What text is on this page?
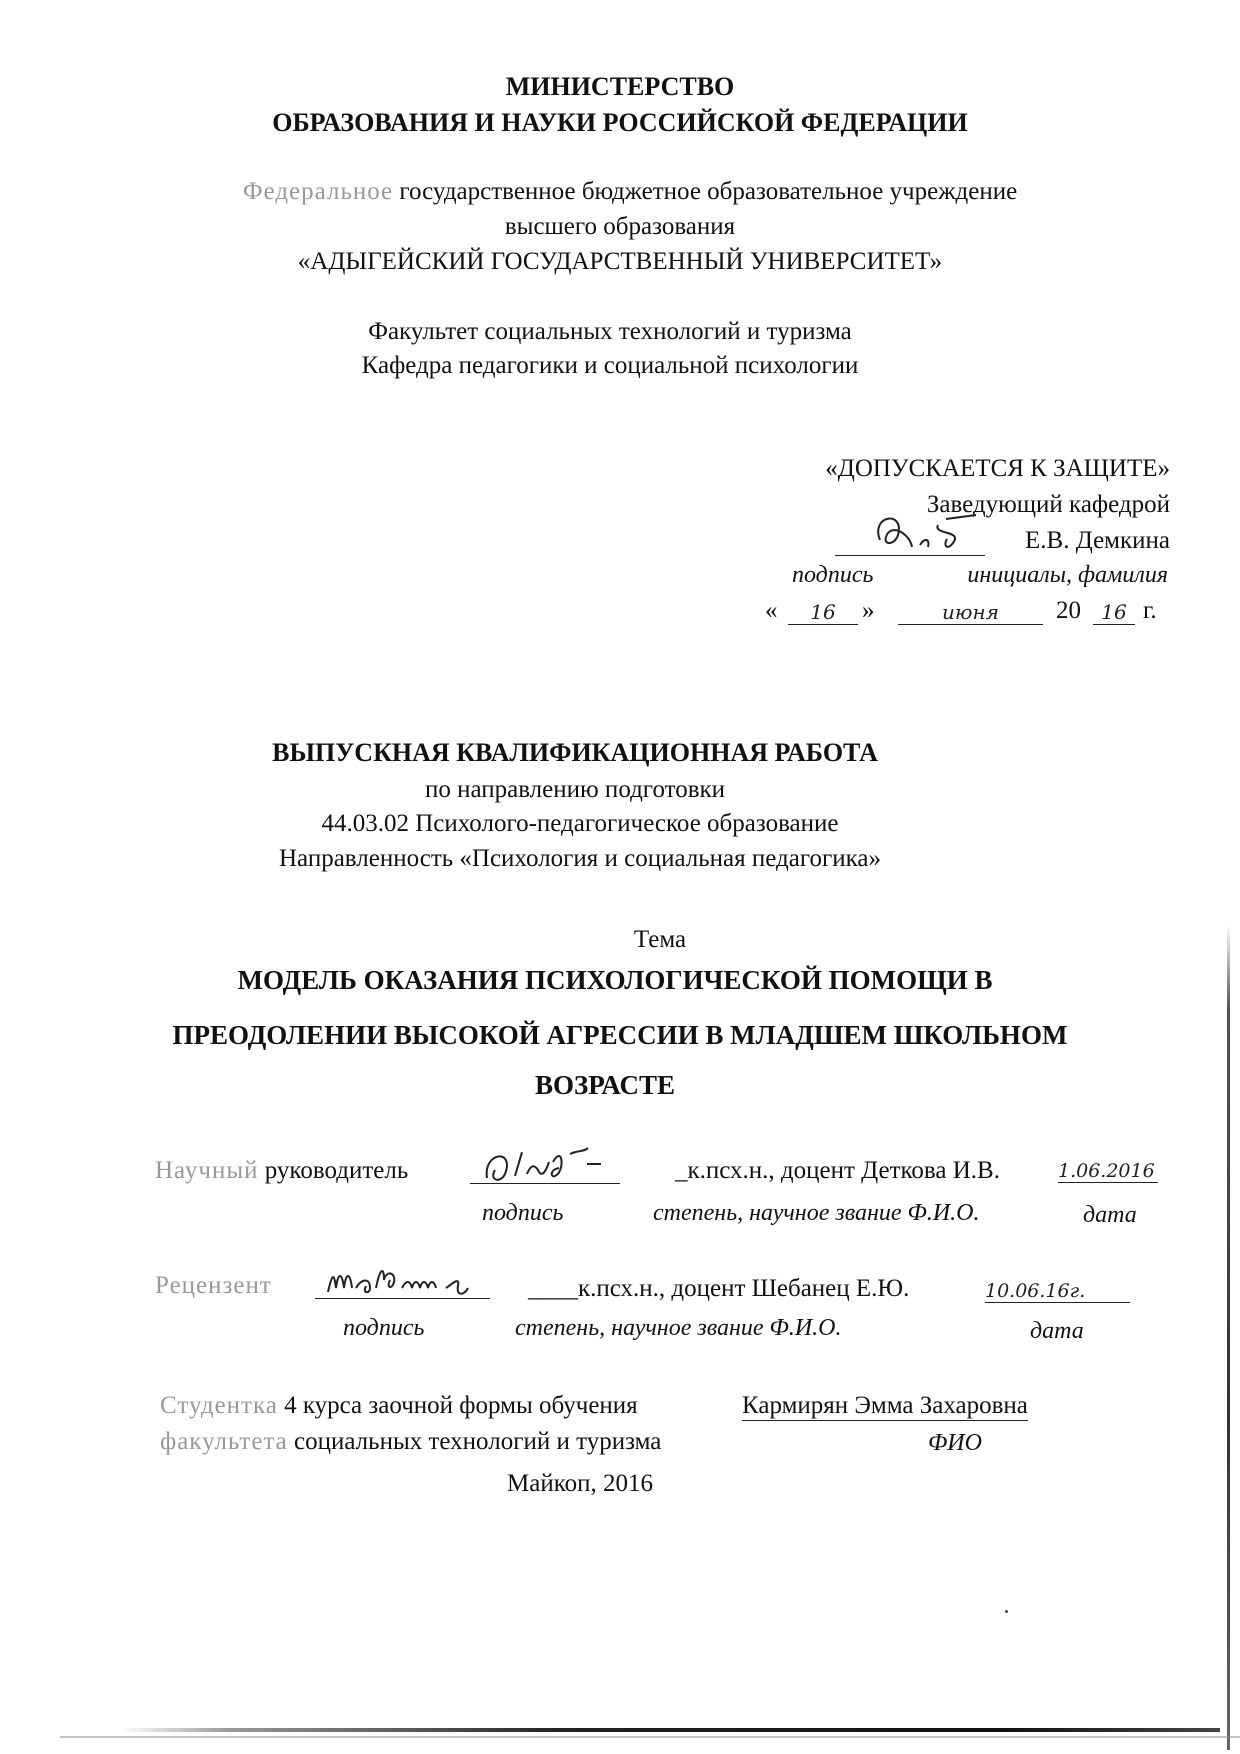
МИНИСТЕРСТВО
ОБРАЗОВАНИЯ И НАУКИ РОССИЙСКОЙ ФЕДЕРАЦИИ
Федеральное государственное бюджетное образовательное учреждение
высшего образования
«АДЫГЕЙСКИЙ ГОСУДАРСТВЕННЫЙ УНИВЕРСИТЕТ»
Факультет социальных технологий и туризма
Кафедра педагогики и социальной психологии
«ДОПУСКАЕТСЯ К ЗАЩИТЕ»
Заведующий кафедрой
Е.В. Демкина
подпись	инициалы, фамилия
«	16	»	июня	20	16 г.
ВЫПУСКНАЯ КВАЛИФИКАЦИОННАЯ РАБОТА
по направлению подготовки
44.03.02 Психолого-педагогическое образование
Направленность «Психология и социальная педагогика»
Тема
МОДЕЛЬ ОКАЗАНИЯ ПСИХОЛОГИЧЕСКОЙ ПОМОЩИ В
ПРЕОДОЛЕНИИ ВЫСОКОЙ АГРЕССИИ В МЛАДШЕМ ШКОЛЬНОМ
ВОЗРАСТЕ
Научный руководитель	_к.псх.н., доцент Деткова И.В.	1.06.2016
подпись	степень, научное звание Ф.И.О.	дата
Рецензент	____к.псх.н., доцент Шебанец Е.Ю.	10.06.16г.
подпись	степень, научное звание Ф.И.О.	дата
Студентка 4 курса заочной формы обучения	Кармирян Эмма Захаровна
факультета социальных технологий и туризма	ФИО
Майкоп, 2016
